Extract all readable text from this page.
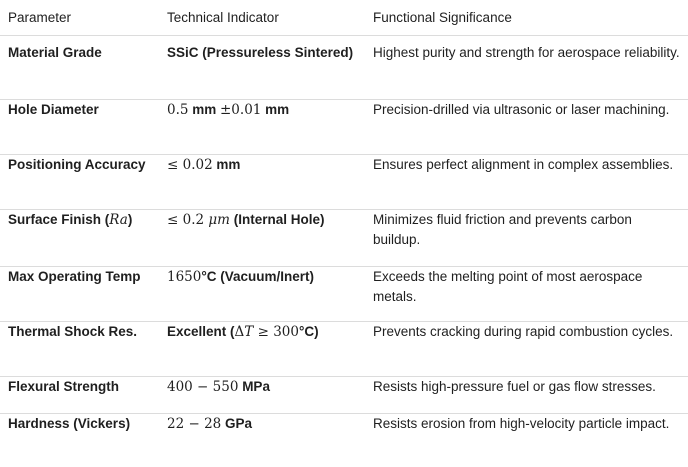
Parameter	Technical Indicator	Functional Significance
Material Grade	SSiC (Pressureless Sintered)	Highest purity and strength for aerospace reliability.
Hole Diameter	0.5 mm ±0.01 mm	Precision-drilled via ultrasonic or laser machining.
Positioning Accuracy	≤ 0.02 mm	Ensures perfect alignment in complex assemblies.
Surface Finish (Ra)	≤ 0.2 μm (Internal Hole)	Minimizes fluid friction and prevents carbon buildup.
Max Operating Temp	1650°C (Vacuum/Inert)	Exceeds the melting point of most aerospace metals.
Thermal Shock Res.	Excellent (ΔT ≥ 300°C)	Prevents cracking during rapid combustion cycles.
Flexural Strength	400 − 550 MPa	Resists high-pressure fuel or gas flow stresses.
Hardness (Vickers)	22 − 28 GPa	Resists erosion from high-velocity particle impact.
